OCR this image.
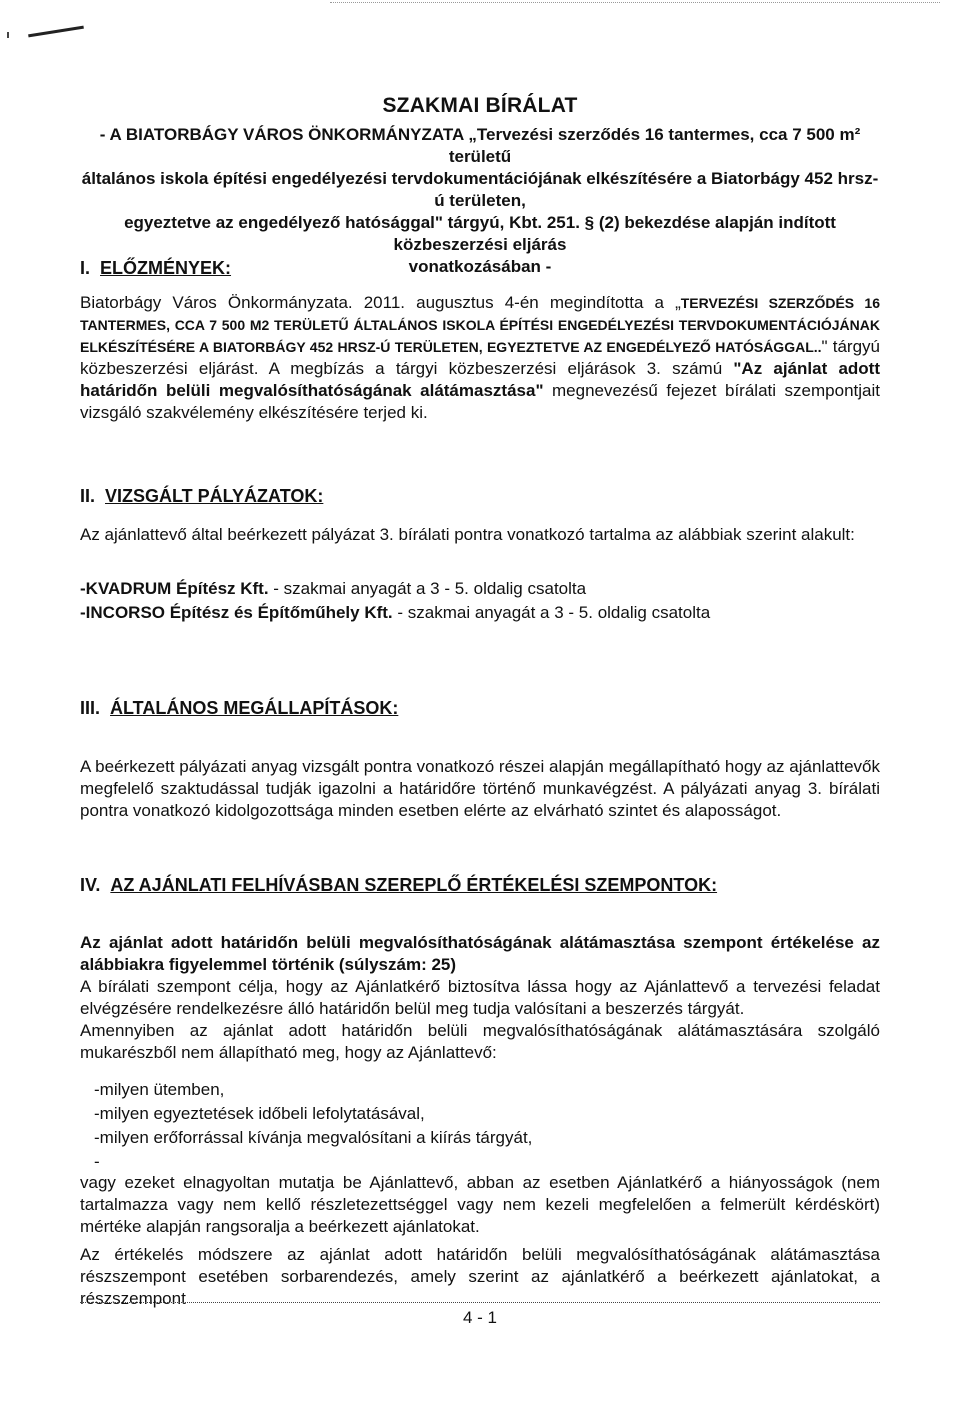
SZAKMAI BÍRÁLAT
- A BIATORBÁGY VÁROS ÖNKORMÁNYZATA „Tervezési szerződés 16 tantermes, cca 7 500 m² területű
általános iskola építési engedélyezési tervdokumentációjának elkészítésére a Biatorbágy 452 hrsz-ú területen,
egyeztetve az engedélyező hatósággal" tárgyú, Kbt. 251. § (2) bekezdése alapján indított közbeszerzési eljárás
vonatkozásában -
I. ELŐZMÉNYEK:
Biatorbágy Város Önkormányzata. 2011. augusztus 4-én megindította a „TERVEZÉSI SZERZŐDÉS 16 TANTERMES, CCA 7 500 M2 TERÜLETŰ ÁLTALÁNOS ISKOLA ÉPÍTÉSI ENGEDÉLYEZÉSI TERVDOKUMENTÁCIÓJÁNAK ELKÉSZÍTÉSÉRE A BIATORBÁGY 452 HRSZ-Ú TERÜLETEN, EGYEZTETVE AZ ENGEDÉLYEZŐ HATÓSÁGGAL.." tárgyú közbeszerzési eljárást. A megbízás a tárgyi közbeszerzési eljárások 3. számú "Az ajánlat adott határidőn belüli megvalósíthatóságának alátámasztása" megnevezésű fejezet bírálati szempontjait vizsgáló szakvélemény elkészítésére terjed ki.
II. VIZSGÁLT PÁLYÁZATOK:
Az ajánlattevő által beérkezett pályázat 3. bírálati pontra vonatkozó tartalma az alábbiak szerint alakult:
-KVADRUM Építész Kft. - szakmai anyagát a 3 - 5. oldalig csatolta
-INCORSO Építész és Építőműhely Kft. - szakmai anyagát a 3 - 5. oldalig csatolta
III. ÁLTALÁNOS MEGÁLLAPÍTÁSOK:
A beérkezett pályázati anyag vizsgált pontra vonatkozó részei alapján megállapítható hogy az ajánlattevők megfelelő szaktudással tudják igazolni a határidőre történő munkavégzést. A pályázati anyag 3. bírálati pontra vonatkozó kidolgozottsága minden esetben elérte az elvárható szintet és alaposságot.
IV. AZ AJÁNLATI FELHÍVÁSBAN SZEREPLŐ ÉRTÉKELÉSI SZEMPONTOK:
Az ajánlat adott határidőn belüli megvalósíthatóságának alátámasztása szempont értékelése az alábbiakra figyelemmel történik (súlyszám: 25)
A bírálati szempont célja, hogy az Ajánlatkérő biztosítva lássa hogy az Ajánlattevő a tervezési feladat elvégzésére rendelkezésre álló határidőn belül meg tudja valósítani a beszerzés tárgyát.
Amennyiben az ajánlat adott határidőn belüli megvalósíthatóságának alátámasztására szolgáló mukarészből nem állapítható meg, hogy az Ajánlattevő:
-milyen ütemben,
-milyen egyeztetések időbeli lefolytatásával,
-milyen erőforrással kívánja megvalósítani a kiírás tárgyát,
-
vagy ezeket elnagyoltan mutatja be Ajánlattevő, abban az esetben Ajánlatkérő a hiányosságok (nem tartalmazza vagy nem kellő részletezettséggel vagy nem kezeli megfelelően a felmerült kérdéskört) mértéke alapján rangsoralja a beérkezett ajánlatokat.
Az értékelés módszere az ajánlat adott határidőn belüli megvalósíthatóságának alátámasztása részszempont esetében sorbarendezés, amely szerint az ajánlatkérő a beérkezett ajánlatokat, a részszempont
4 - 1
